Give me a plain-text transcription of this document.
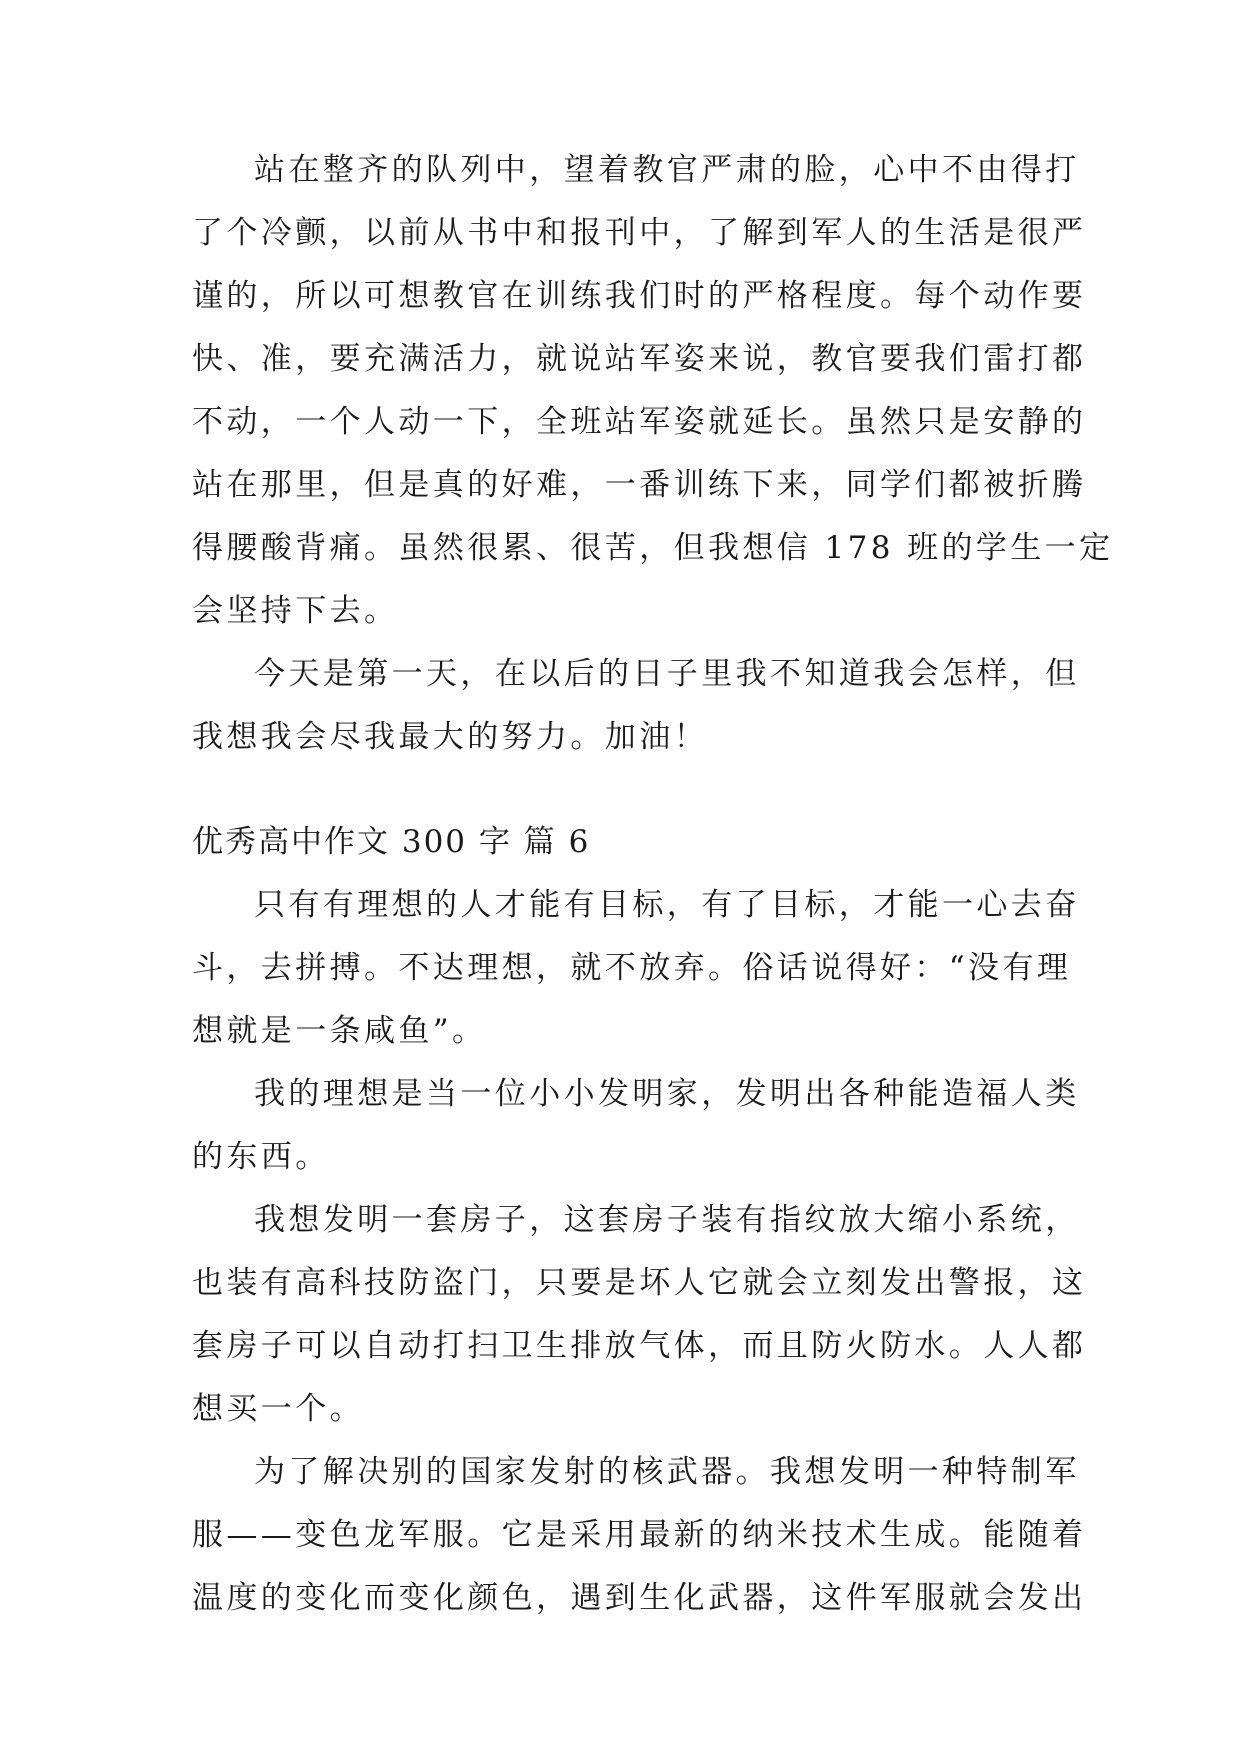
站在整齐的队列中，望着教官严肃的脸，心中不由得打
了个冷颤，以前从书中和报刊中，了解到军人的生活是很严
谨的，所以可想教官在训练我们时的严格程度。每个动作要
快、准，要充满活力，就说站军姿来说，教官要我们雷打都
不动，一个人动一下，全班站军姿就延长。虽然只是安静的
站在那里，但是真的好难，一番训练下来，同学们都被折腾
得腰酸背痛。虽然很累、很苦，但我想信 178 班的学生一定
会坚持下去。
今天是第一天，在以后的日子里我不知道我会怎样，但
我想我会尽我最大的努力。加油！
优秀高中作文 300 字 篇 6
只有有理想的人才能有目标，有了目标，才能一心去奋
斗，去拼搏。不达理想，就不放弃。俗话说得好：“没有理
想就是一条咸鱼”。
我的理想是当一位小小发明家，发明出各种能造福人类
的东西。
我想发明一套房子，这套房子装有指纹放大缩小系统，
也装有高科技防盗门，只要是坏人它就会立刻发出警报，这
套房子可以自动打扫卫生排放气体，而且防火防水。人人都
想买一个。
为了解决别的国家发射的核武器。我想发明一种特制军
服——变色龙军服。它是采用最新的纳米技术生成。能随着
温度的变化而变化颜色，遇到生化武器，这件军服就会发出
